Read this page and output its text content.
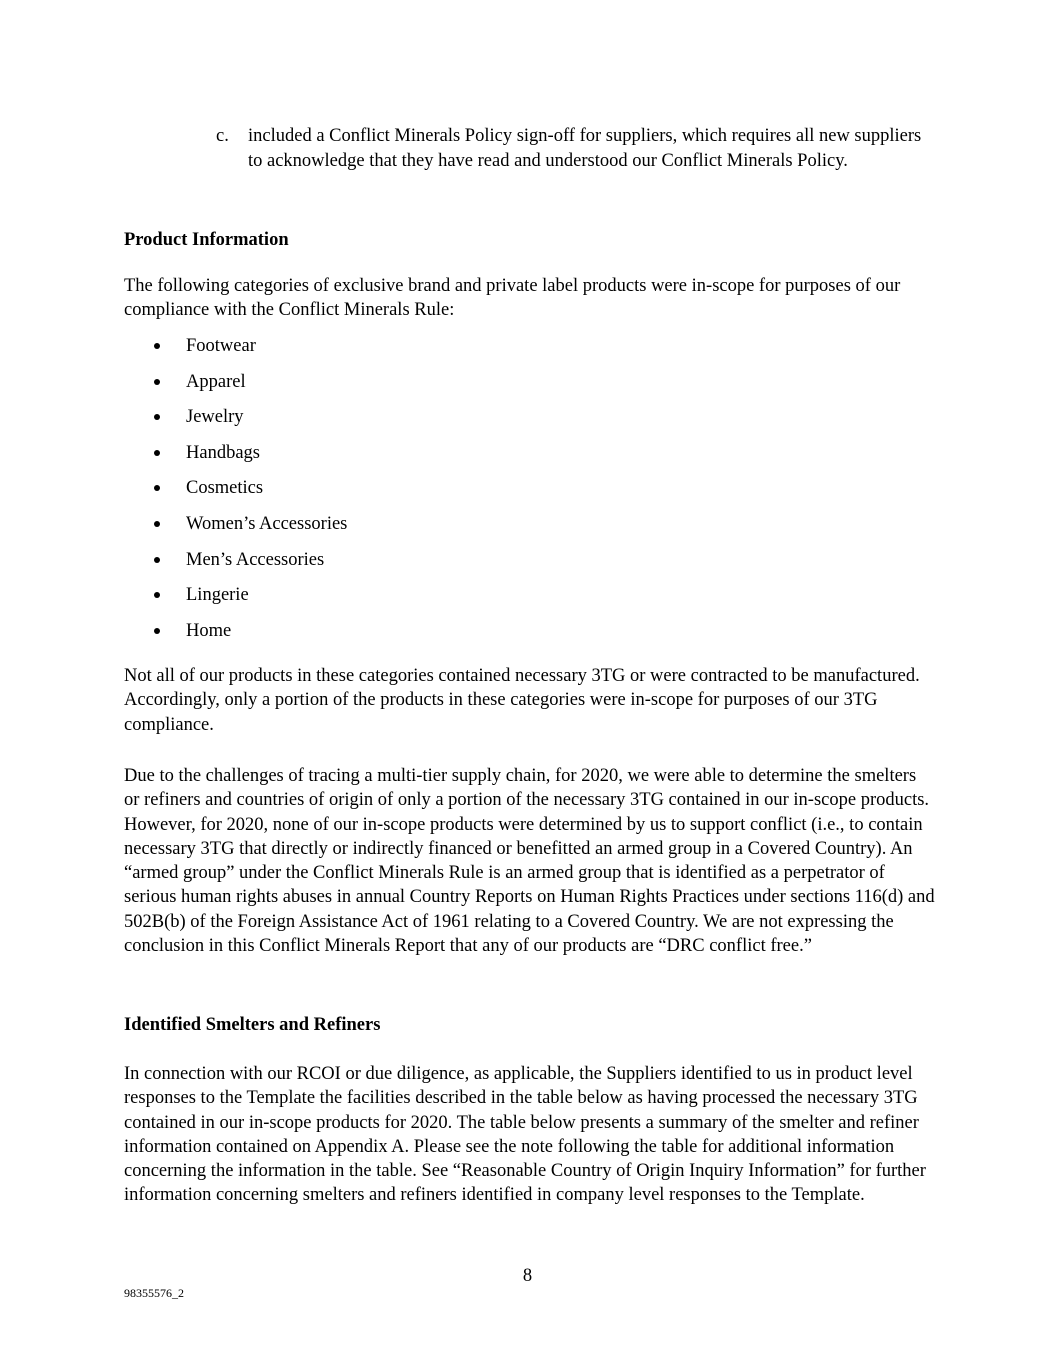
c. included a Conflict Minerals Policy sign-off for suppliers, which requires all new suppliers to acknowledge that they have read and understood our Conflict Minerals Policy.
Product Information
The following categories of exclusive brand and private label products were in-scope for purposes of our compliance with the Conflict Minerals Rule:
Footwear
Apparel
Jewelry
Handbags
Cosmetics
Women’s Accessories
Men’s Accessories
Lingerie
Home
Not all of our products in these categories contained necessary 3TG or were contracted to be manufactured. Accordingly, only a portion of the products in these categories were in-scope for purposes of our 3TG compliance.
Due to the challenges of tracing a multi-tier supply chain, for 2020, we were able to determine the smelters or refiners and countries of origin of only a portion of the necessary 3TG contained in our in-scope products. However, for 2020, none of our in-scope products were determined by us to support conflict (i.e., to contain necessary 3TG that directly or indirectly financed or benefitted an armed group in a Covered Country). An “armed group” under the Conflict Minerals Rule is an armed group that is identified as a perpetrator of serious human rights abuses in annual Country Reports on Human Rights Practices under sections 116(d) and 502B(b) of the Foreign Assistance Act of 1961 relating to a Covered Country. We are not expressing the conclusion in this Conflict Minerals Report that any of our products are “DRC conflict free.”
Identified Smelters and Refiners
In connection with our RCOI or due diligence, as applicable, the Suppliers identified to us in product level responses to the Template the facilities described in the table below as having processed the necessary 3TG contained in our in-scope products for 2020. The table below presents a summary of the smelter and refiner information contained on Appendix A. Please see the note following the table for additional information concerning the information in the table. See “Reasonable Country of Origin Inquiry Information” for further information concerning smelters and refiners identified in company level responses to the Template.
8
98355576_2
